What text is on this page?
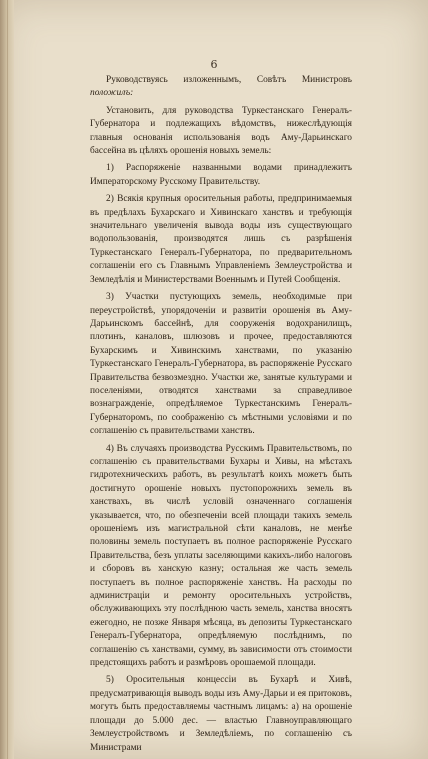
6

Руководствуясь изложеннымъ, Совѣтъ Министровъ положилъ:

Установить, для руководства Туркестанскаго Генералъ-Губернатора и подлежащихъ вѣдомствъ, нижеслѣдующія главныя основанія использованія водъ Аму-Дарьинскаго бассейна въ цѣляхъ орошенія новыхъ земель:

1) Распоряженіе названными водами принадлежитъ Императорскому Русскому Правительству.

2) Всякія крупныя оросительныя работы, предпринимаемыя въ предѣлахъ Бухарскаго и Хивинскаго ханствъ и требующія значительнаго увеличенія вывода воды изъ существующаго водопользованія, производятся лишь съ разрѣшенія Туркестанскаго Генералъ-Губернатора, по предварительномъ соглашеніи его съ Главнымъ Управленіемъ Землеустройства и Земледѣлія и Министерствами Военнымъ и Путей Сообщенія.

3) Участки пустующихъ земель, необходимые при переустройствѣ, упорядоченіи и развитіи орошенія въ Аму-Дарьинскомъ бассейнѣ, для сооруженія водохранилищъ, плотинъ, каналовъ, шлюзовъ и прочее, предоставляются Бухарскимъ и Хивинскимъ ханствами, по указанію Туркестанскаго Генералъ-Губернатора, въ распоряженіе Русскаго Правительства безвозмездно. Участки же, занятые культурами и поселеніями, отводятся ханствами за справедливое вознагражденіе, опредѣляемое Туркестанскимъ Генералъ-Губернаторомъ, по соображенію съ мѣстными условіями и по соглашенію съ правительствами ханствъ.

4) Въ случаяхъ производства Русскимъ Правительствомъ, по соглашенію съ правительствами Бухары и Хивы, на мѣстахъ гидротехническихъ работъ, въ результатѣ коихъ можетъ быть достигнуто орошеніе новыхъ пустопорожнихъ земель въ ханствахъ, въ числѣ условій означеннаго соглашенія указывается, что, по обезпеченіи всей площади такихъ земель орошеніемъ изъ магистральной сѣти каналовъ, не менѣе половины земель поступаетъ въ полное распоряженіе Русскаго Правительства, безъ уплаты заселяющими какихъ-либо налоговъ и сборовъ въ ханскую казну; остальная же часть земель поступаетъ въ полное распоряженіе ханствъ. На расходы по администраціи и ремонту оросительныхъ устройствъ, обслуживающихъ эту послѣднюю часть земель, ханства вносятъ ежегодно, не позже Января мѣсяца, въ депозиты Туркестанскаго Генералъ-Губернатора, опредѣляемую послѣднимъ, по соглашенію съ ханствами, сумму, въ зависимости отъ стоимости предстоящихъ работъ и размѣровъ орошаемой площади.

5) Оросительныя концессіи въ Бухарѣ и Хивѣ, предусматривающія выводъ воды изъ Аму-Дарьи и ея притоковъ, могутъ быть предоставляемы частнымъ лицамъ: а) на орошеніе площади до 5.000 дес. — властью Главноуправляющаго Землеустройствомъ и Земледѣліемъ, по соглашенію съ Министрами
